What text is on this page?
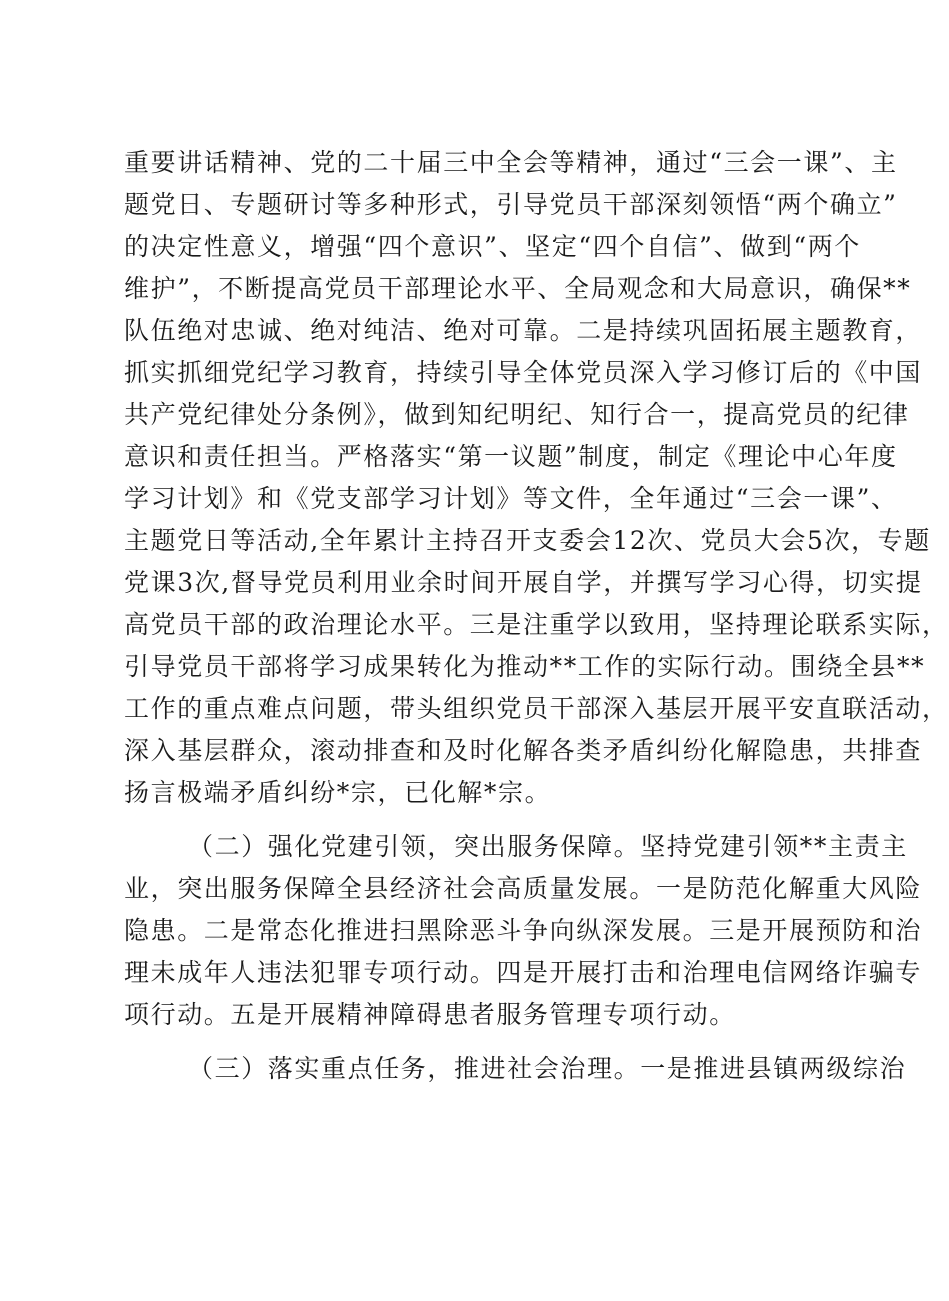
重要讲话精神、党的二十届三中全会等精神，通过“三会一课”、主
题党日、专题研讨等多种形式，引导党员干部深刻领悟“两个确立”
的决定性意义，增强“四个意识”、坚定“四个自信”、做到“两个
维护”，不断提高党员干部理论水平、全局观念和大局意识，确保**
队伍绝对忠诚、绝对纯洁、绝对可靠。二是持续巩固拓展主题教育，
抓实抓细党纪学习教育，持续引导全体党员深入学习修订后的《中国
共产党纪律处分条例》，做到知纪明纪、知行合一，提高党员的纪律
意识和责任担当。严格落实“第一议题”制度，制定《理论中心年度
学习计划》和《党支部学习计划》等文件，全年通过“三会一课”、
主题党日等活动,全年累计主持召开支委会12次、党员大会5次，专题
党课3次,督导党员利用业余时间开展自学，并撰写学习心得，切实提
高党员干部的政治理论水平。三是注重学以致用，坚持理论联系实际，
引导党员干部将学习成果转化为推动**工作的实际行动。围绕全县**
工作的重点难点问题，带头组织党员干部深入基层开展平安直联活动，
深入基层群众，滚动排查和及时化解各类矛盾纠纷化解隐患，共排查
扬言极端矛盾纠纷*宗，已化解*宗。
（二）强化党建引领，突出服务保障。坚持党建引领**主责主
业，突出服务保障全县经济社会高质量发展。一是防范化解重大风险
隐患。二是常态化推进扫黑除恶斗争向纵深发展。三是开展预防和治
理未成年人违法犯罪专项行动。四是开展打击和治理电信网络诈骗专
项行动。五是开展精神障碍患者服务管理专项行动。
（三）落实重点任务，推进社会治理。一是推进县镇两级综治
